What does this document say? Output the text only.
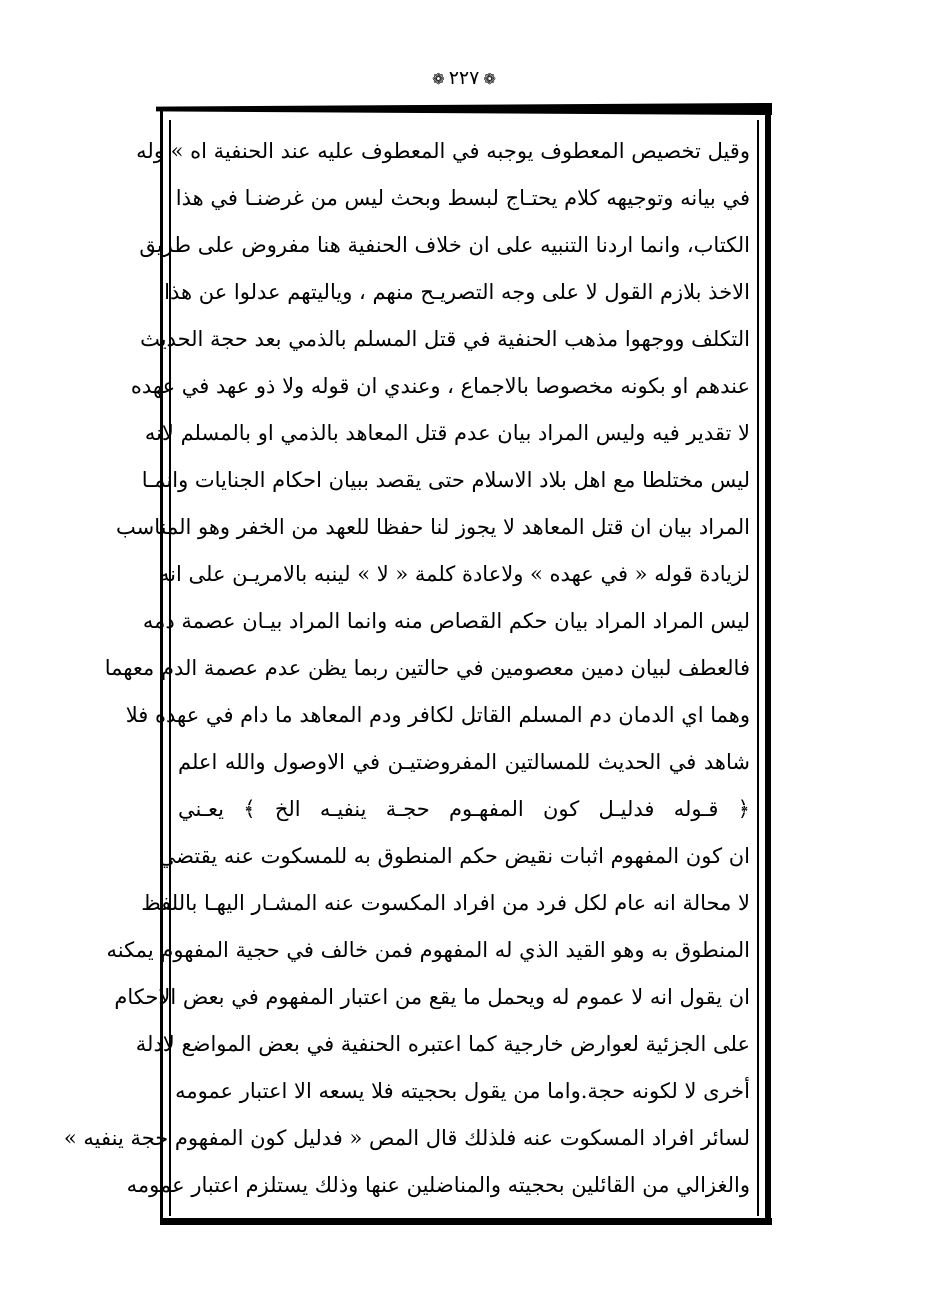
❁٢٢٧❁
وقيل تخصيص المعطوف يوجبه في المعطوف عليه عند الحنفية اه » وله
في بيانه وتوجيهه كلام يحتـاج لبسط وبحث ليس من غرضنـا في هذا
الكتاب، وانما اردنا التنبيه على ان خلاف الحنفية هنا مفروض على طريق
الاخذ بلازم القول لا على وجه التصريـح منهم ، وياليتهم عدلوا عن هذا
التكلف ووجهوا مذهب الحنفية في قتل المسلم بالذمي بعد حجة الحديث
عندهم او بكونه مخصوصا بالاجماع ، وعندي ان قوله ولا ذو عهد في عهده
لا تقدير فيه وليس المراد بيان عدم قتل المعاهد بالذمي او بالمسلم لانه
ليس مختلطا مع اهل بلاد الاسلام حتى يقصد ببيان احكام الجنايات وانمـا
المراد بيان ان قتل المعاهد لا يجوز لنا حفظا للعهد من الخفر وهو المناسب
لزيادة قوله « في عهده » ولاعادة كلمة « لا » لينبه بالامريـن على انه
ليس المراد المراد بيان حكم القصاص منه وانما المراد بيـان عصمة دمه
فالعطف لبيان دمين معصومين في حالتين ربما يظن عدم عصمة الدم معهما
وهما اي الدمان دم المسلم القاتل لكافر ودم المعاهد ما دام في عهده فلا
شاهد في الحديث للمسالتين المفروضتيـن في الاوصول والله اعلم
﴿ قـوله فدليـل كون المفهـوم حجـة ينفيـه الخ ﴾ يعـني
ان كون المفهوم اثبات نقيض حكم المنطوق به للمسكوت عنه يقتضي
لا محالة انه عام لكل فرد من افراد المكسوت عنه المشـار اليهـا باللفظ
المنطوق به وهو القيد الذي له المفهوم فمن خالف في حجية المفهوم يمكنه
ان يقول انه لا عموم له ويحمل ما يقع من اعتبار المفهوم في بعض الاحكام
على الجزئية لعوارض خارجية كما اعتبره الحنفية في بعض المواضع لادلة
أخرى لا لكونه حجة.واما من يقول بحجيته فلا يسعه الا اعتبار عمومه
لسائر افراد المسكوت عنه فلذلك قال المص « فدليل كون المفهوم حجة ينفيه »
والغزالي من القائلين بحجيته والمناضلين عنها وذلك يستلزم اعتبار عمومه
